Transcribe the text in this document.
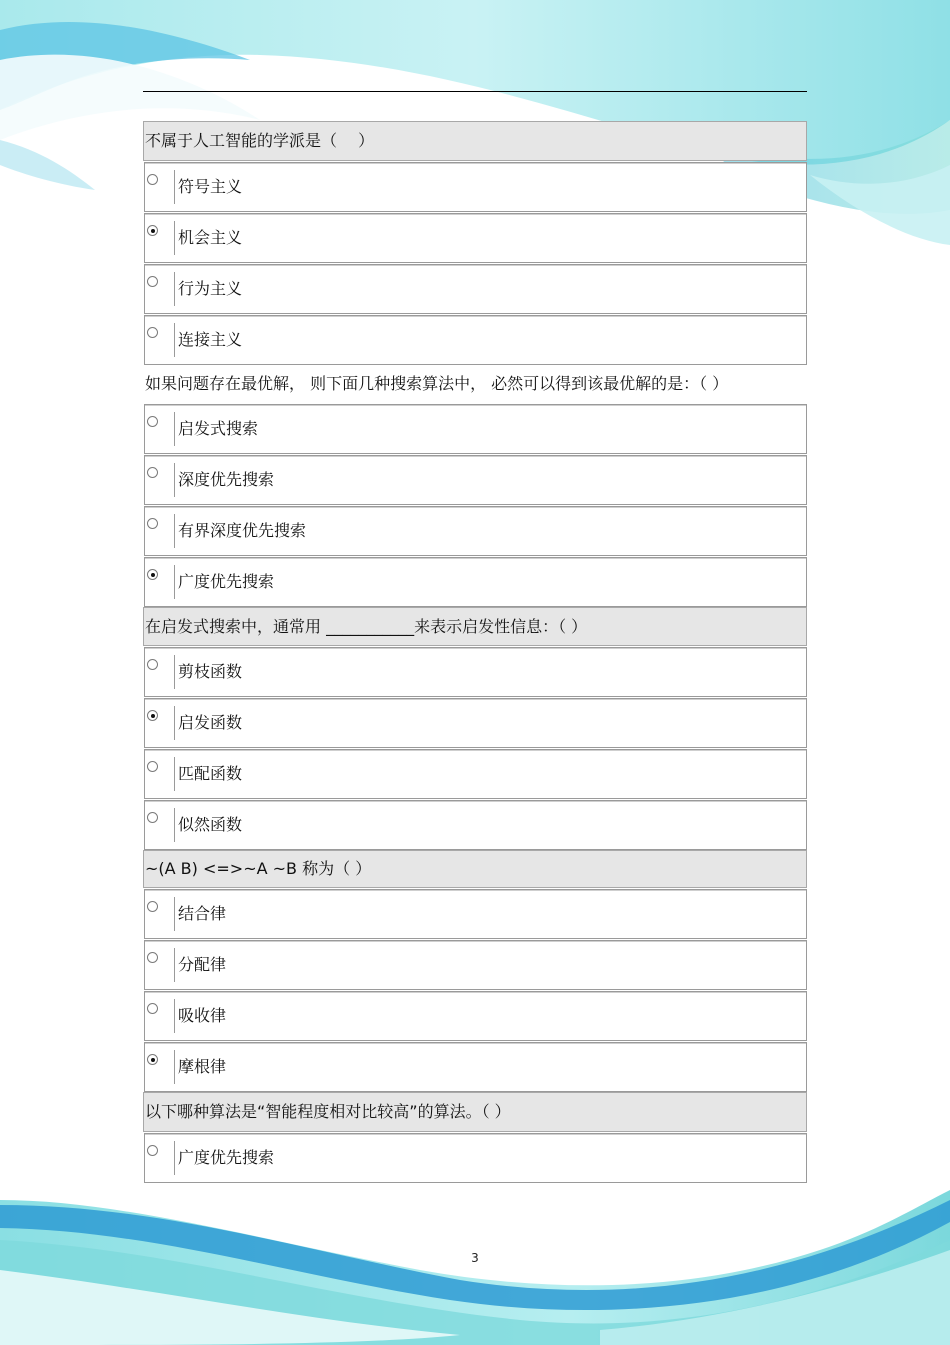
不属于人工智能的学派是（　 ）
符号主义
机会主义
行为主义
连接主义
如果问题存在最优解， 则下面几种搜索算法中， 必然可以得到该最优解的是：（ ）
启发式搜索
深度优先搜索
有界深度优先搜索
广度优先搜索
在启发式搜索中，通常用 ___________来表示启发性信息：（ ）
剪枝函数
启发函数
匹配函数
似然函数
~(A B) <=>~A ~B 称为（ ）
结合律
分配律
吸收律
摩根律
以下哪种算法是“智能程度相对比较高”的算法。（ ）
广度优先搜索
3
